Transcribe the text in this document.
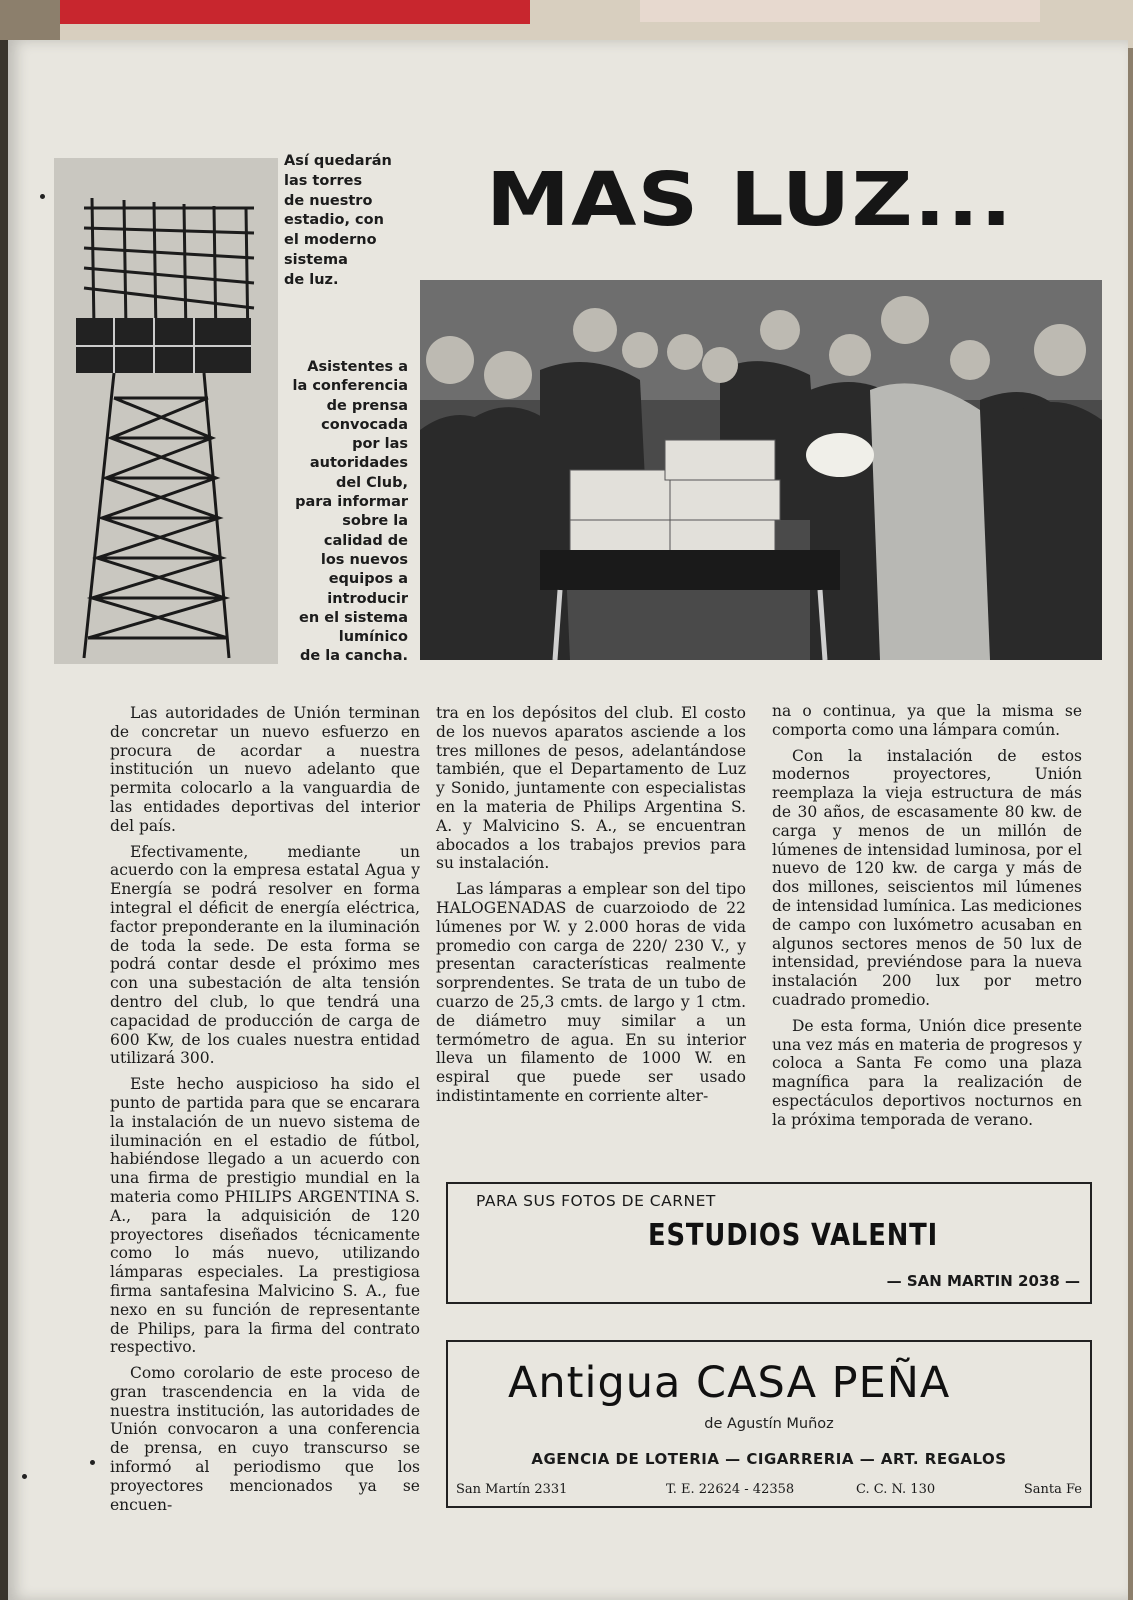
MAS LUZ...
Así quedarán
las torres
de nuestro
estadio, con
el moderno
sistema
de luz.
Asistentes a
la conferencia
de prensa
convocada
por las
autoridades
del Club,
para informar
sobre la
calidad de
los nuevos
equipos a
introducir
en el sistema
lumínico
de la cancha.

Las autoridades de Unión terminan de concretar un nuevo esfuerzo en procura de acordar a nuestra institución un nuevo adelanto que permita colocarlo a la vanguardia de las entidades deportivas del interior del país.

Efectivamente, mediante un acuerdo con la empresa estatal Agua y Energía se podrá resolver en forma integral el déficit de energía eléctrica, factor preponderante en la iluminación de toda la sede. De esta forma se podrá contar desde el próximo mes con una subestación de alta tensión dentro del club, lo que tendrá una capacidad de producción de carga de 600 Kw, de los cuales nuestra entidad utilizará 300.

Este hecho auspicioso ha sido el punto de partida para que se encarara la instalación de un nuevo sistema de iluminación en el estadio de fútbol, habiéndose llegado a un acuerdo con una firma de prestigio mundial en la materia como PHILIPS ARGENTINA S. A., para la adquisición de 120 proyectores diseñados técnicamente como lo más nuevo, utilizando lámparas especiales. La prestigiosa firma santafesina Malvicino S. A., fue nexo en su función de representante de Philips, para la firma del contrato respectivo.

Como corolario de este proceso de gran trascendencia en la vida de nuestra institución, las autoridades de Unión convocaron a una conferencia de prensa, en cuyo transcurso se informó al periodismo que los proyectores mencionados ya se encuen-

tra en los depósitos del club. El costo de los nuevos aparatos asciende a los tres millones de pesos, adelantándose también, que el Departamento de Luz y Sonido, juntamente con especialistas en la materia de Philips Argentina S. A. y Malvicino S. A., se encuentran abocados a los trabajos previos para su instalación.

Las lámparas a emplear son del tipo HALOGENADAS de cuarzoiodo de 22 lúmenes por W. y 2.000 horas de vida promedio con carga de 220/ 230 V., y presentan características realmente sorprendentes. Se trata de un tubo de cuarzo de 25,3 cmts. de largo y 1 ctm. de diámetro muy similar a un termómetro de agua. En su interior lleva un filamento de 1000 W. en espiral que puede ser usado indistintamente en corriente alter-

na o continua, ya que la misma se comporta como una lámpara común.

Con la instalación de estos modernos proyectores, Unión reemplaza la vieja estructura de más de 30 años, de escasamente 80 kw. de carga y menos de un millón de lúmenes de intensidad luminosa, por el nuevo de 120 kw. de carga y más de dos millones, seiscientos mil lúmenes de intensidad lumínica. Las mediciones de campo con luxómetro acusaban en algunos sectores menos de 50 lux de intensidad, previéndose para la nueva instalación 200 lux por metro cuadrado promedio.

De esta forma, Unión dice presente una vez más en materia de progresos y coloca a Santa Fe como una plaza magnífica para la realización de espectáculos deportivos nocturnos en la próxima temporada de verano.

PARA SUS FOTOS DE CARNET
ESTUDIOS VALENTI
— SAN MARTIN 2038 —
Antigua CASA PEÑA
de Agustín Muñoz
AGENCIA DE LOTERIA — CIGARRERIA — ART. REGALOS
San Martín 2331	T. E. 22624 - 42358	C. C. N. 130	Santa Fe
